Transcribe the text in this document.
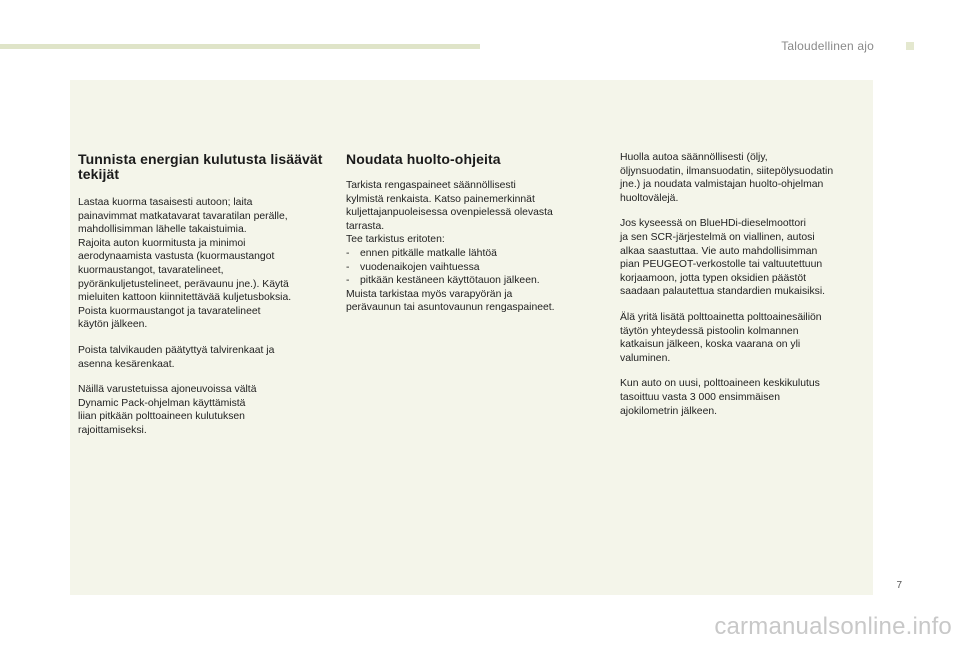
Taloudellinen ajo
Tunnista energian kulutusta lisäävät tekijät

Lastaa kuorma tasaisesti autoon; laita
painavimmat matkatavarat tavaratilan perälle,
mahdollisimman lähelle takaistuimia.
Rajoita auton kuormitusta ja minimoi
aerodynaamista vastusta (kuormaustangot
kuormaustangot, tavaratelineet,
pyöränkuljetustelineet, perävaunu jne.). Käytä
mieluiten kattoon kiinnitettävää kuljetusboksia.
Poista kuormaustangot ja tavaratelineet
käytön jälkeen.

Poista talvikauden päätyttyä talvirenkaat ja
asenna kesärenkaat.

Näillä varustetuissa ajoneuvoissa vältä
Dynamic Pack-ohjelman käyttämistä
liian pitkään polttoaineen kulutuksen
rajoittamiseksi.

Noudata huolto-ohjeita

Tarkista rengaspaineet säännöllisesti
kylmistä renkaista. Katso painemerkinnät
kuljettajanpuoleisessa ovenpielessä olevasta
tarrasta.
Tee tarkistus eritoten:

- ennen pitkälle matkalle lähtöä
- vuodenaikojen vaihtuessa
- pitkään kestäneen käyttötauon jälkeen.

Muista tarkistaa myös varapyörän ja
perävaunun tai asuntovaunun rengaspaineet.

Huolla autoa säännöllisesti (öljy,
öljynsuodatin, ilmansuodatin, siitepölysuodatin
jne.) ja noudata valmistajan huolto-ohjelman
huoltovälejä.

Jos kyseessä on BlueHDi-dieselmoottori
ja sen SCR-järjestelmä on viallinen, autosi
alkaa saastuttaa. Vie auto mahdollisimman
pian PEUGEOT-verkostolle tai valtuutettuun
korjaamoon, jotta typen oksidien päästöt
saadaan palautettua standardien mukaisiksi.

Älä yritä lisätä polttoainetta polttoainesäiliön
täytön yhteydessä pistoolin kolmannen
katkaisun jälkeen, koska vaarana on yli
valuminen.

Kun auto on uusi, polttoaineen keskikulutus
tasoittuu vasta 3 000 ensimmäisen
ajokilometrin jälkeen.

7
carmanualsonline.info
